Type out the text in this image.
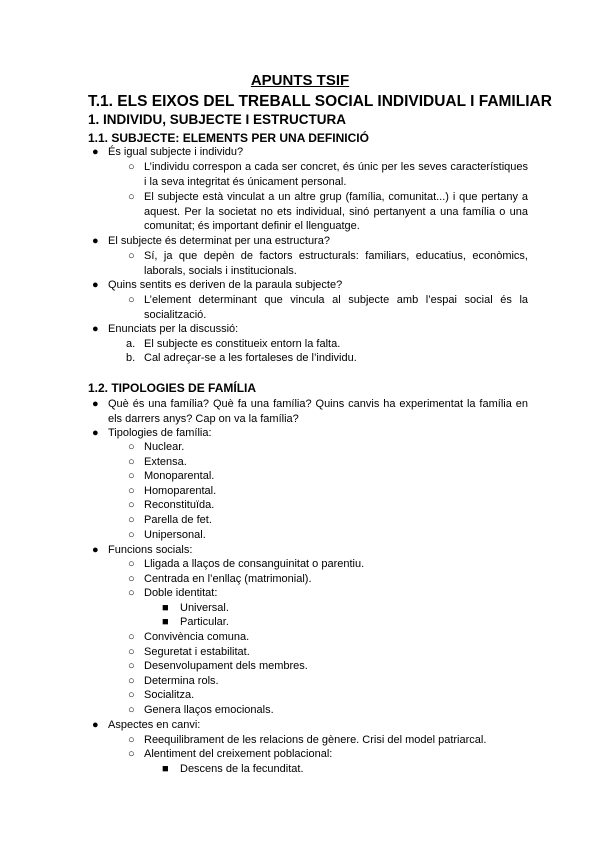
APUNTS TSIF
T.1. ELS EIXOS DEL TREBALL SOCIAL INDIVIDUAL I FAMILIAR
1. INDIVIDU, SUBJECTE I ESTRUCTURA
1.1. SUBJECTE: ELEMENTS PER UNA DEFINICIÓ
● És igual subjecte i individu?

○ L’individu correspon a cada ser concret, és únic per les seves característiques i la seva integritat és únicament personal.

○ El subjecte està vinculat a un altre grup (família, comunitat...) i que pertany a aquest. Per la societat no ets individual, sinó pertanyent a una família o una comunitat; és important definir el llenguatge.

● El subjecte és determinat per una estructura?

○ Sí, ja que depèn de factors estructurals: familiars, educatius, econòmics, laborals, socials i institucionals.

● Quins sentits es deriven de la paraula subjecte?

○ L’element determinant que vincula al subjecte amb l’espai social és la socialització.

● Enunciats per la discussió:

a. El subjecte es constitueix entorn la falta.

b. Cal adreçar-se a les fortaleses de l’individu.

1.2. TIPOLOGIES DE FAMÍLIA
● Què és una família? Què fa una família? Quins canvis ha experimentat la família en els darrers anys? Cap on va la família?

● Tipologies de família:

○ Nuclear.

○ Extensa.

○ Monoparental.

○ Homoparental.

○ Reconstituïda.

○ Parella de fet.

○ Unipersonal.

● Funcions socials:

○ Lligada a llaços de consanguinitat o parentiu.

○ Centrada en l’enllaç (matrimonial).

○ Doble identitat:

■ Universal.

■ Particular.

○ Convivència comuna.

○ Seguretat i estabilitat.

○ Desenvolupament dels membres.

○ Determina rols.

○ Socialitza.

○ Genera llaços emocionals.

● Aspectes en canvi:

○ Reequilibrament de les relacions de gènere. Crisi del model patriarcal.

○ Alentiment del creixement poblacional:

■ Descens de la fecunditat.
